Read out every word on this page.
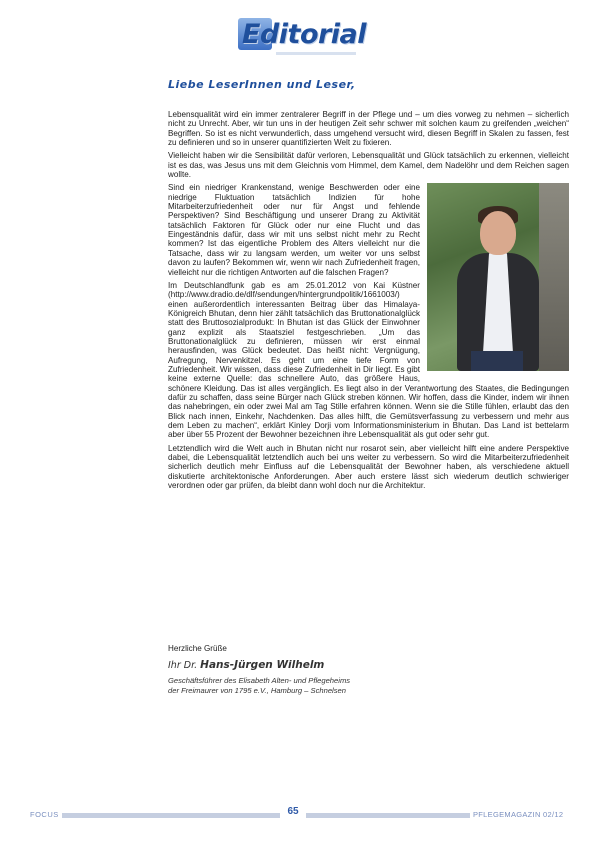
Editorial
Liebe LeserInnen und Leser,

Lebensqualität wird ein immer zentralerer Begriff in der Pflege und – um dies vorweg zu nehmen – sicherlich nicht zu Unrecht. Aber, wir tun uns in der heutigen Zeit sehr schwer mit solchen kaum zu greifenden „weichen“ Begriffen. So ist es nicht verwunderlich, dass umgehend versucht wird, diesen Begriff in Skalen zu fassen, fest zu definieren und so in unserer quantifizierten Welt zu fixieren.

Vielleicht haben wir die Sensibilität dafür verloren, Lebensqualität und Glück tatsächlich zu erkennen, vielleicht ist es das, was Jesus uns mit dem Gleichnis vom Himmel, dem Kamel, dem Nadelöhr und dem Reichen sagen wollte.

Sind ein niedriger Krankenstand, wenige Beschwerden oder eine niedrige Fluktuation tatsächlich Indizien für hohe Mitarbeiterzufriedenheit oder nur für Angst und fehlende Perspektiven? Sind Beschäftigung und unserer Drang zu Aktivität tatsächlich Faktoren für Glück oder nur eine Flucht und das Eingeständnis dafür, dass wir mit uns selbst nicht mehr zu Recht kommen? Ist das eigentliche Problem des Alters vielleicht nur die Tatsache, dass wir zu langsam werden, um weiter vor uns selbst davon zu laufen? Bekommen wir, wenn wir nach Zufriedenheit fragen, vielleicht nur die richtigen Antworten auf die falschen Fragen?

Im Deutschlandfunk gab es am 25.01.2012 von Kai Küstner (http://www.dradio.de/dlf/sendungen/hintergrundpolitik/1661003/) einen außerordentlich interessanten Beitrag über das Himalaya-Königreich Bhutan, denn hier zählt tatsächlich das Bruttonationalglück statt des Bruttosozialprodukt: In Bhutan ist das Glück der Einwohner ganz explizit als Staatsziel festgeschrieben. „Um das Bruttonationalglück zu definieren, müssen wir erst einmal herausfinden, was Glück bedeutet. Das heißt nicht: Vergnügung, Aufregung, Nervenkitzel. Es geht um eine tiefe Form von Zufriedenheit. Wir wissen, dass diese Zufriedenheit in Dir liegt. Es gibt keine externe Quelle: das schnellere Auto, das größere Haus, schönere Kleidung. Das ist alles vergänglich. Es liegt also in der Verantwortung des Staates, die Bedingungen dafür zu schaffen, dass seine Bürger nach Glück streben können. Wir hoffen, dass die Kinder, indem wir ihnen das nahebringen, ein oder zwei Mal am Tag Stille erfahren können. Wenn sie die Stille fühlen, erlaubt das den Blick nach innen, Einkehr, Nachdenken. Das alles hilft, die Gemütsverfassung zu verbessern und mehr aus dem Leben zu machen“, erklärt Kinley Dorji vom Informationsministerium in Bhutan. Das Land ist bettelarm aber über 55 Prozent der Bewohner bezeichnen ihre Lebensqualität als gut oder sehr gut.

Letztendlich wird die Welt auch in Bhutan nicht nur rosarot sein, aber vielleicht hilft eine andere Perspektive dabei, die Lebensqualität letztendlich auch bei uns weiter zu verbessern. So wird die Mitarbeiterzufriedenheit sicherlich deutlich mehr Einfluss auf die Lebensqualität der Bewohner haben, als verschiedene aktuell diskutierte architektonische Anforderungen. Aber auch erstere lässt sich wiederum deutlich schwieriger verordnen oder gar prüfen, da bleibt dann wohl doch nur die Architektur.

Herzliche Grüße
Ihr Dr. Hans-Jürgen Wilhelm
Geschäftsführer des Elisabeth Alten- und Pflegeheims
der Freimaurer von 1795 e.V., Hamburg – Schnelsen
FOCUS	65	PFLEGEMAGAZIN 02/12
